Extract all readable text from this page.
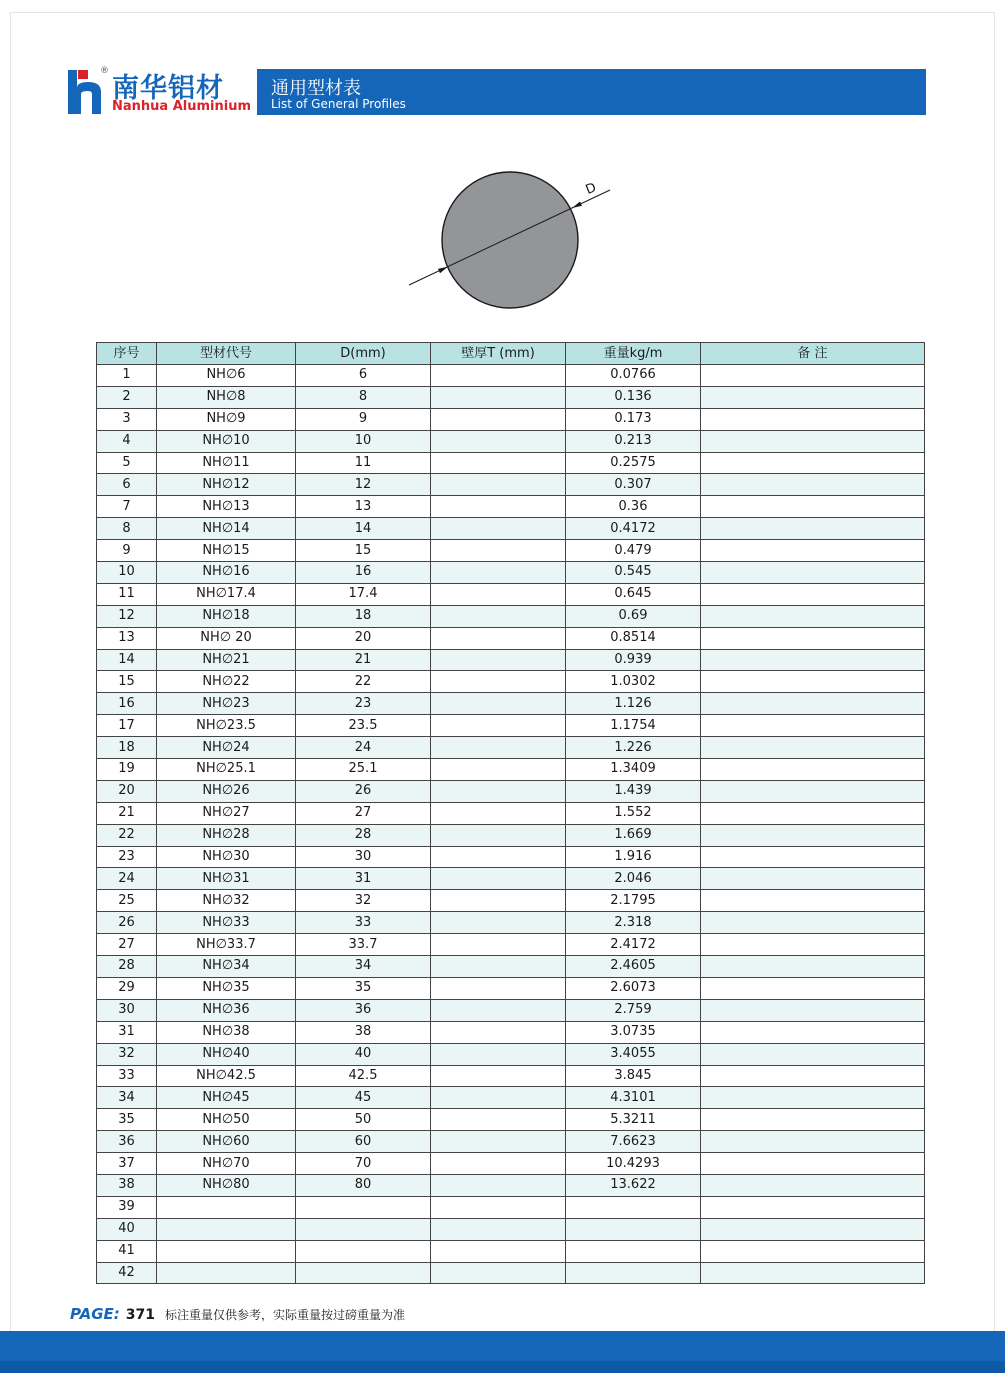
®
南华铝材
Nanhua Aluminium
通用型材表
List of General Profiles
D
序号	型材代号	D(mm)	壁厚T (mm)	重量kg/m	备 注
1	NH∅6	6		0.0766	
2	NH∅8	8		0.136	
3	NH∅9	9		0.173	
4	NH∅10	10		0.213	
5	NH∅11	11		0.2575	
6	NH∅12	12		0.307	
7	NH∅13	13		0.36	
8	NH∅14	14		0.4172	
9	NH∅15	15		0.479	
10	NH∅16	16		0.545	
11	NH∅17.4	17.4		0.645	
12	NH∅18	18		0.69	
13	NH∅ 20	20		0.8514	
14	NH∅21	21		0.939	
15	NH∅22	22		1.0302	
16	NH∅23	23		1.126	
17	NH∅23.5	23.5		1.1754	
18	NH∅24	24		1.226	
19	NH∅25.1	25.1		1.3409	
20	NH∅26	26		1.439	
21	NH∅27	27		1.552	
22	NH∅28	28		1.669	
23	NH∅30	30		1.916	
24	NH∅31	31		2.046	
25	NH∅32	32		2.1795	
26	NH∅33	33		2.318	
27	NH∅33.7	33.7		2.4172	
28	NH∅34	34		2.4605	
29	NH∅35	35		2.6073	
30	NH∅36	36		2.759	
31	NH∅38	38		3.0735	
32	NH∅40	40		3.4055	
33	NH∅42.5	42.5		3.845	
34	NH∅45	45		4.3101	
35	NH∅50	50		5.3211	
36	NH∅60	60		7.6623	
37	NH∅70	70		10.4293	
38	NH∅80	80		13.622	
39					
40					
41					
42					
PAGE: 371 标注重量仅供参考，实际重量按过磅重量为准
